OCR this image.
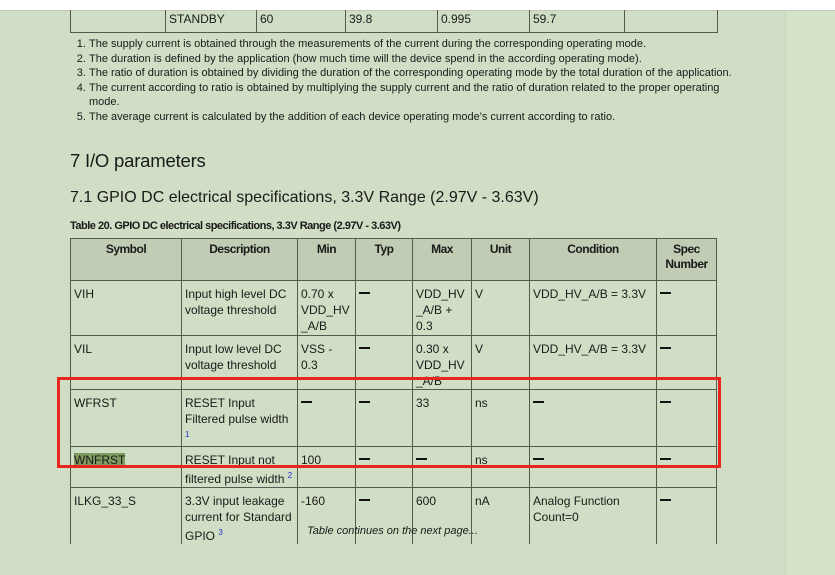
	STANDBY	60	39.8	0.995	59.7	
1. The supply current is obtained through the measurements of the current during the corresponding operating mode.
2. The duration is defined by the application (how much time will the device spend in the according operating mode).
3. The ratio of duration is obtained by dividing the duration of the corresponding operating mode by the total duration of the application.
4. The current according to ratio is obtained by multiplying the supply current and the ratio of duration related to the proper operating mode.
5. The average current is calculated by the addition of each device operating mode's current according to ratio.
7 I/O parameters
7.1 GPIO DC electrical specifications, 3.3V Range (2.97V - 3.63V)
Table 20. GPIO DC electrical specifications, 3.3V Range (2.97V - 3.63V)
Symbol	Description	Min	Typ	Max	Unit	Condition	Spec Number
VIH	Input high level DC voltage threshold	0.70 x VDD_HV _A/B		VDD_HV _A/B + 0.3	V	VDD_HV_A/B = 3.3V	
VIL	Input low level DC voltage threshold	VSS - 0.3		0.30 x VDD_HV _A/B	V	VDD_HV_A/B = 3.3V	
WFRST	RESET Input Filtered pulse width $^1$			33	ns		
WNFRST	RESET Input not filtered pulse width $^2$	100			ns		
ILKG_33_S	3.3V input leakage current for Standard GPIO $^3$	-160		600	nA	Analog Function Count=0	
Table continues on the next page...
